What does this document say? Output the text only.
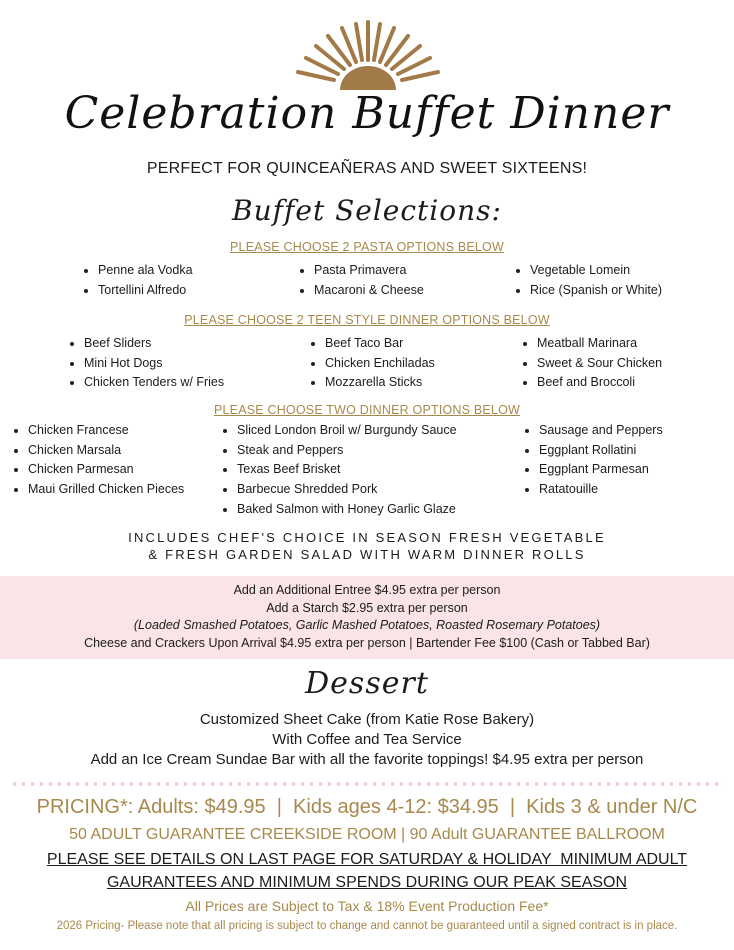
Celebration Buffet Dinner
PERFECT FOR QUINCEAÑERAS AND SWEET SIXTEENS!
Buffet Selections:
PLEASE CHOOSE 2 PASTA OPTIONS BELOW
Penne ala Vodka
Tortellini Alfredo
Pasta Primavera
Macaroni & Cheese
Vegetable Lomein
Rice (Spanish or White)
PLEASE CHOOSE 2 TEEN STYLE DINNER OPTIONS BELOW
Beef Sliders
Mini Hot Dogs
Chicken Tenders w/ Fries
Beef Taco Bar
Chicken Enchiladas
Mozzarella Sticks
Meatball Marinara
Sweet & Sour Chicken
Beef and Broccoli
PLEASE CHOOSE TWO DINNER OPTIONS BELOW
Chicken Francese
Chicken Marsala
Chicken Parmesan
Maui Grilled Chicken Pieces
Sliced London Broil w/ Burgundy Sauce
Steak and Peppers
Texas Beef Brisket
Barbecue Shredded Pork
Baked Salmon with Honey Garlic Glaze
Sausage and Peppers
Eggplant Rollatini
Eggplant Parmesan
Ratatouille
INCLUDES CHEF'S CHOICE IN SEASON FRESH VEGETABLE
& FRESH GARDEN SALAD WITH WARM DINNER ROLLS
Add an Additional Entree $4.95 extra per person
Add a Starch $2.95 extra per person
(Loaded Smashed Potatoes, Garlic Mashed Potatoes, Roasted Rosemary Potatoes)
Cheese and Crackers Upon Arrival $4.95 extra per person | Bartender Fee $100 (Cash or Tabbed Bar)
Dessert
Customized Sheet Cake (from Katie Rose Bakery)
With Coffee and Tea Service
Add an Ice Cream Sundae Bar with all the favorite toppings! $4.95 extra per person
PRICING*: Adults: $49.95  |  Kids ages 4-12: $34.95  |  Kids 3 & under N/C
50 ADULT GUARANTEE CREEKSIDE ROOM | 90 Adult GUARANTEE BALLROOM
PLEASE SEE DETAILS ON LAST PAGE FOR SATURDAY & HOLIDAY  MINIMUM ADULT
GAURANTEES AND MINIMUM SPENDS DURING OUR PEAK SEASON
All Prices are Subject to Tax & 18% Event Production Fee*
2026 Pricing- Please note that all pricing is subject to change and cannot be guaranteed until a signed contract is in place.
